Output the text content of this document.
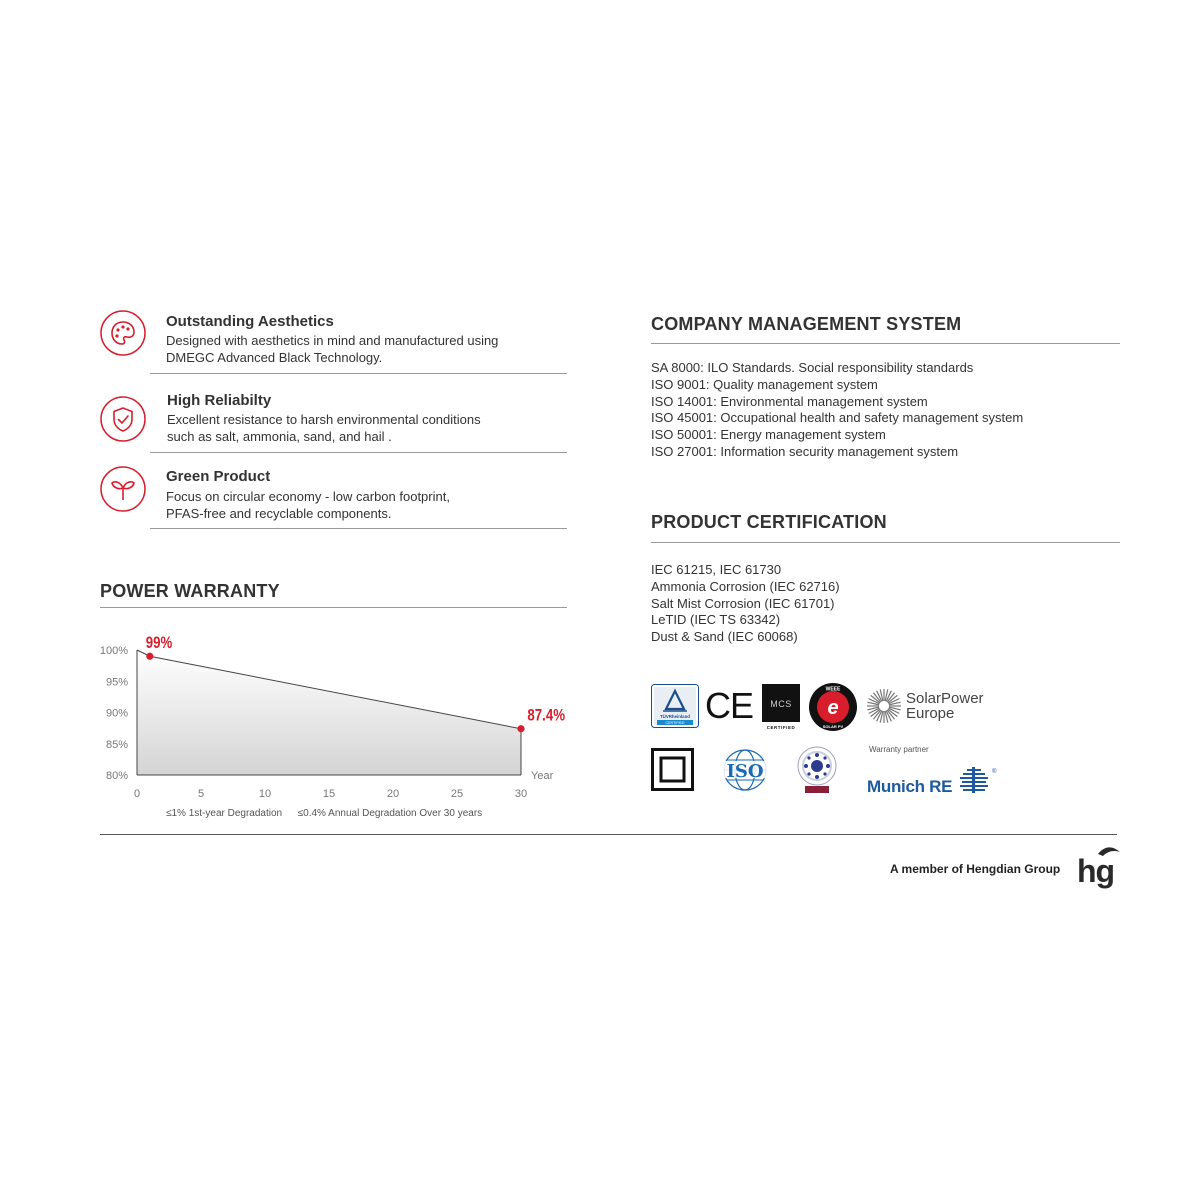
Outstanding Aesthetics
Designed with aesthetics in mind and manufactured using
DMEGC Advanced Black Technology.
High Reliabilty
Excellent resistance to harsh environmental conditions
such as salt, ammonia, sand, and hail .
Green Product
Focus on circular economy - low carbon footprint,
PFAS-free and recyclable components.
POWER WARRANTY
100%
95%
90%
85%
80%
0	5	10	15	20	25	30
Year
99%
87.4%
≤1% 1st-year Degradation ≤0.4% Annual Degradation Over 30 years
COMPANY MANAGEMENT SYSTEM
SA 8000: ILO Standards. Social responsibility standards
ISO 9001: Quality management system
ISO 14001: Environmental management system
ISO 45001: Occupational health and safety management system
ISO 50001: Energy management system
ISO 27001: Information security management system
PRODUCT CERTIFICATION
IEC 61215, IEC 61730
Ammonia Corrosion (IEC 62716)
Salt Mist Corrosion (IEC 61701)
LeTID (IEC TS 63342)
Dust & Sand (IEC 60068)
TÜVRheinland
CERTIFIED CE MCS
CERTIFIED
e
WEEE
SOLAR PV
SolarPower
Europe
ISO
Warranty partner
Munich RE
®
A member of Hengdian Group hg
